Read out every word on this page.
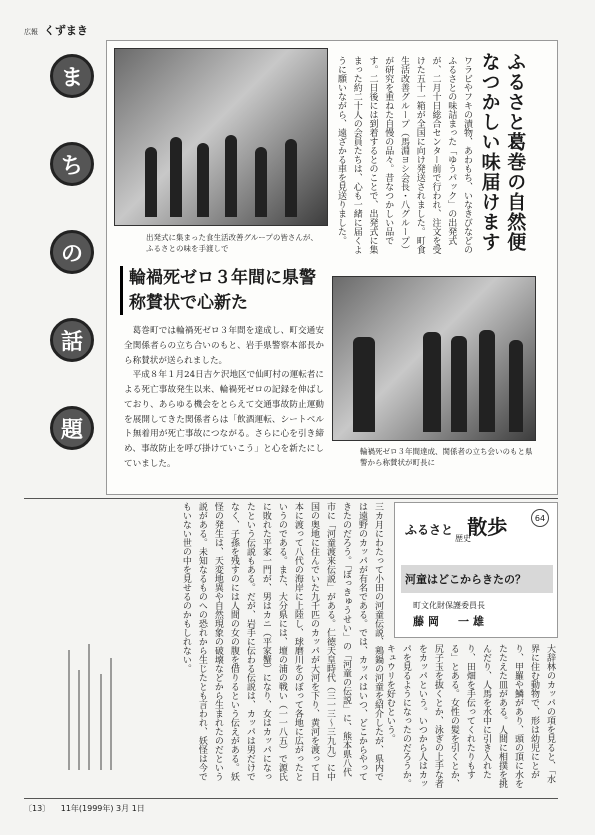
広報 くずまき
ま
ち
の
話
題
出発式に集まった食生活改善グループの皆さんが、ふるさとの味を手渡しで	ふるさと葛巻の自然便 なつかしい味届けます
ワラビやフキの漬物、あわもち、いなきびなどのふるさとの味詰まった「ゆうパック」の出発式が、二月十日総合センター前で行われ、注文を受けた五十一箱が全国に向け発送されました。町食生活改善グループ（馬淵ヨシ会長・八グループ）が研究を重ねた自慢の品々。昔なつかしい品です。二日後には到着するとのことで、出発式に集まった約二十人の会員たちは、心も一緒に届くように願いながら、遠ざかる車を見送りました。
輪禍死ゼロ３年間に県警称賛状で心新た

葛巻町では輪禍死ゼロ３年間を達成し、町交通安全関係者らの立ち合いのもと、岩手県警察本部長から称賛状が送られました。

平成８年１月24日吉ケ沢地区で仙町村の運転者による死亡事故発生以来、輪禍死ゼロの記録を伸ばしており、あらゆる機会をとらえて交通事故防止運動を展開してきた関係者らは「飲酒運転、シートベルト無着用が死亡事故につながる。さらに心を引き締め、事故防止を呼び掛けていこう」と心を新たにしていました。

輪禍死ゼロ３年間達成、関係者の立ち会いのもと県警から称賛状が町長に
ふるさと 散歩	64
歴史
河童はどこからきたの？
町文化財保護委員長
藤岡　一雄
大辞林のカッパの項を見ると、「水界に住む動物で、形は幼児にとがり、甲羅や鱗があり、頭の頂に水をたたえた皿がある。人間に相撲を挑んだり、人馬を水中に引き入れたり、田畑を手伝ってくれたりもする」とある。女性の髪を引くとか、尻子玉を抜くとか、泳ぎの上手な者をカッパという。いつから人はカッパを見るようになったのだろうか。キュウリを好むという。
三カ月にわたって小田の河童伝説、鶏鍋の河童を紹介したが、県内では遠野のカッパが有名である。では、カッパはいつ、どこからやってきたのだろう。「ぼっきゅうせい」の「河童の伝説」に、熊本県八代市に「河童渡来伝説」がある。仁徳天皇時代（三一三～三九九）に中国の奥地に住んでいた九千匹のカッパが大河を下り、黄河を渡って日本に渡って八代の海岸に上陸し、球磨川をのぼって各地に広がったというのである。また、大分県には、壇の浦の戦い（一一八五）で源氏に敗れた平家一門が、男はカニ（平家蟹）になり、女はカッパになったという伝説もある。だが、岩手に伝わる伝説は、カッパは男だけでなく、子孫を残すのには人間の女の腹を借りるという伝えがある。妖怪の発生は、天変地異や自然現象の破壊などから生まれたのだという説がある。未知なるものへの恐れから生じたとも言われ、妖怪は今でもいない世の中を見せるのかもしれない。
〔13〕 11年(1999年) 3月 1日
